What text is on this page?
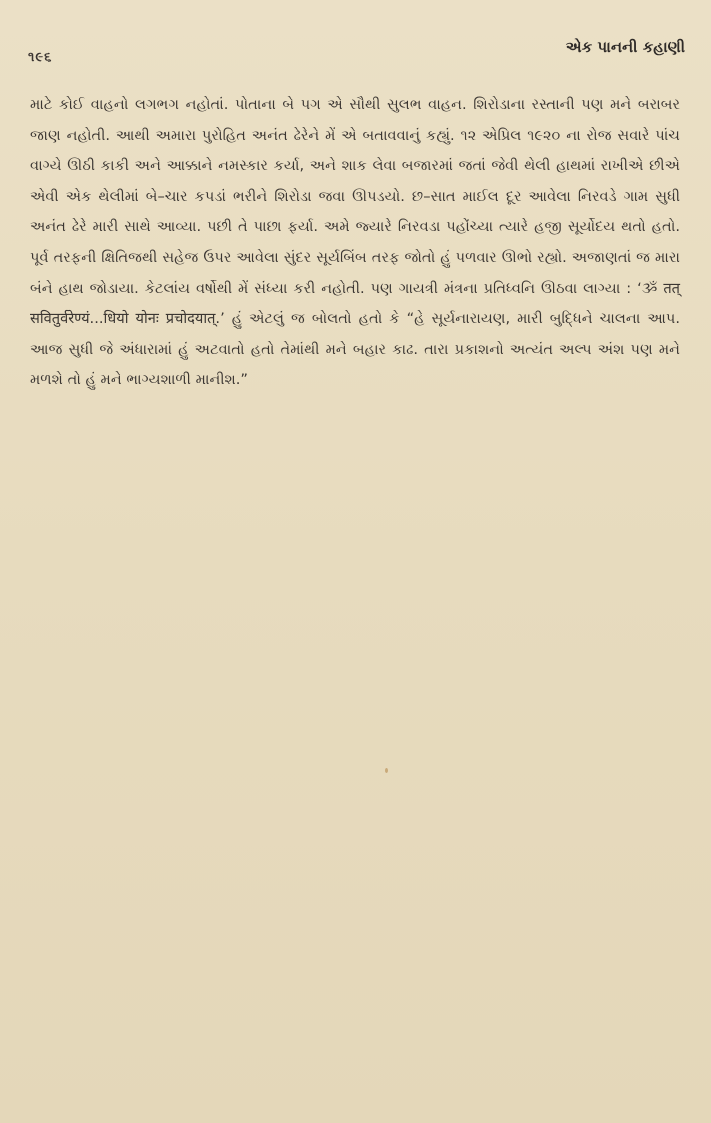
૧૯૬
એક પાનની કહાણી
માટે કોઈ વાહનો લગભગ નહોતાં. પોતાના બે પગ એ સૌથી સુલભ વાહન. શિરોડાના રસ્તાની પણ મને બરાબર જાણ નહોતી. આથી અમારા પુરોહિત અનંત ઢેરેને મેં એ બતાવવાનું કહ્યું. ૧૨ એપ્રિલ ૧૯૨૦ ના રોજ સવારે પાંચ વાગ્યે ઊઠી કાકી અને આક્કાને નમસ્કાર કર્યા, અને શાક લેવા બજારમાં જતાં જેવી થેલી હાથમાં રાખીએ છીએ એવી એક થેલીમાં બે–ચાર કપડાં ભરીને શિરોડા જવા ઊપડયો. છ–સાત માઈલ દૂર આવેલા નિરવડે ગામ સુધી અનંત ઢેરે મારી સાથે આવ્યા. પછી તે પાછા ફર્યા. અમે જ્યારે નિરવડા પહોંચ્યા ત્યારે હજી સૂર્યોદય થતો હતો. પૂર્વ તરફની ક્ષિતિજથી સહેજ ઉપર આવેલા સુંદર સૂર્યબિંબ તરફ જોતો હું પળવાર ઊભો રહ્યો. અજાણતાં જ મારા બંને હાથ જોડાયા. કેટલાંય વર્ષોથી મેં સંધ્યા કરી નહોતી. પણ ગાયત્રી મંત્રના પ્રતિધ્વનિ ઊઠવા લાગ્યા : ‘ૐ तत् सवितुर्वरेण्यं...धियो योनः प्रचोदयात्.’ હું એટલું જ બોલતો હતો કે “હે સૂર્યનારાયણ, મારી બુદ્ધિને ચાલના આપ. આજ સુધી જે અંધારામાં હું અટવાતો હતો તેમાંથી મને બહાર કાઢ. તારા પ્રકાશનો અત્યંત અલ્પ અંશ પણ મને મળશે તો હું મને ભાગ્યશાળી માનીશ.”
